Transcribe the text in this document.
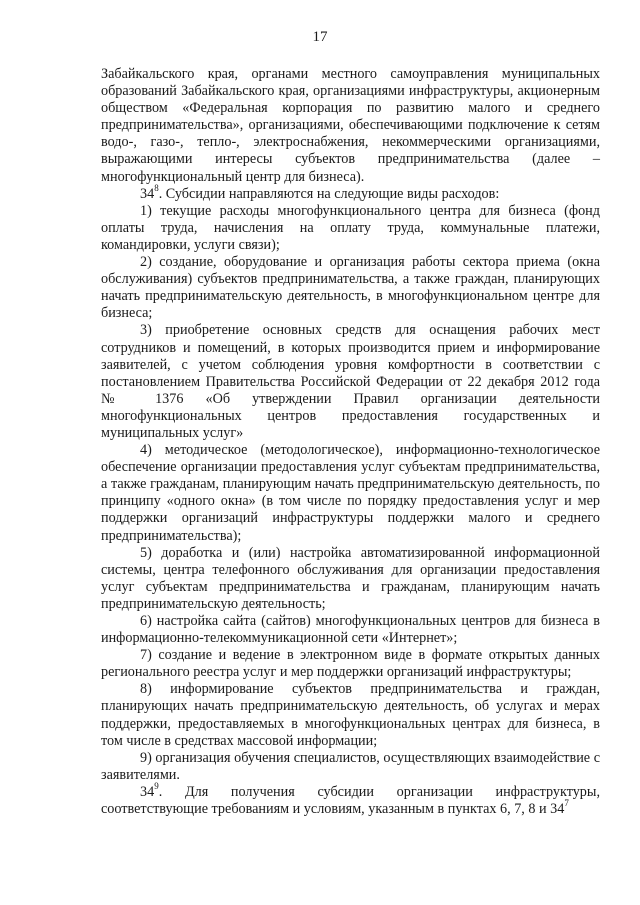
17

Забайкальского края, органами местного самоуправления муниципальных образований Забайкальского края, организациями инфраструктуры, акционерным обществом «Федеральная корпорация по развитию малого и среднего предпринимательства», организациями, обеспечивающими подключение к сетям водо-, газо-, тепло-, электроснабжения, некоммерческими организациями, выражающими интересы субъектов предпринимательства (далее – многофункциональный центр для бизнеса).

$34^8$. Субсидии направляются на следующие виды расходов:

1) текущие расходы многофункционального центра для бизнеса (фонд оплаты труда, начисления на оплату труда, коммунальные платежи, командировки, услуги связи);

2) создание, оборудование и организация работы сектора приема (окна обслуживания) субъектов предпринимательства, а также граждан, планирующих начать предпринимательскую деятельность, в многофункциональном центре для бизнеса;

3) приобретение основных средств для оснащения рабочих мест сотрудников и помещений, в которых производится прием и информирование заявителей, с учетом соблюдения уровня комфортности в соответствии с постановлением Правительства Российской Федерации от 22 декабря 2012 года № 1376 «Об утверждении Правил организации деятельности многофункциональных центров предоставления государственных и муниципальных услуг»

4) методическое (методологическое), информационно-технологическое обеспечение организации предоставления услуг субъектам предпринимательства, а также гражданам, планирующим начать предпринимательскую деятельность, по принципу «одного окна» (в том числе по порядку предоставления услуг и мер поддержки организаций инфраструктуры поддержки малого и среднего предпринимательства);

5) доработка и (или) настройка автоматизированной информационной системы, центра телефонного обслуживания для организации предоставления услуг субъектам предпринимательства и гражданам, планирующим начать предпринимательскую деятельность;

6) настройка сайта (сайтов) многофункциональных центров для бизнеса в информационно-телекоммуникационной сети «Интернет»;

7) создание и ведение в электронном виде в формате открытых данных регионального реестра услуг и мер поддержки организаций инфраструктуры;

8) информирование субъектов предпринимательства и граждан, планирующих начать предпринимательскую деятельность, об услугах и мерах поддержки, предоставляемых в многофункциональных центрах для бизнеса, в том числе в средствах массовой информации;

9) организация обучения специалистов, осуществляющих взаимодействие с заявителями.

$34^9$. Для получения субсидии организации инфраструктуры, соответствующие требованиям и условиям, указанным в пунктах 6, 7, 8 и $34^7$
